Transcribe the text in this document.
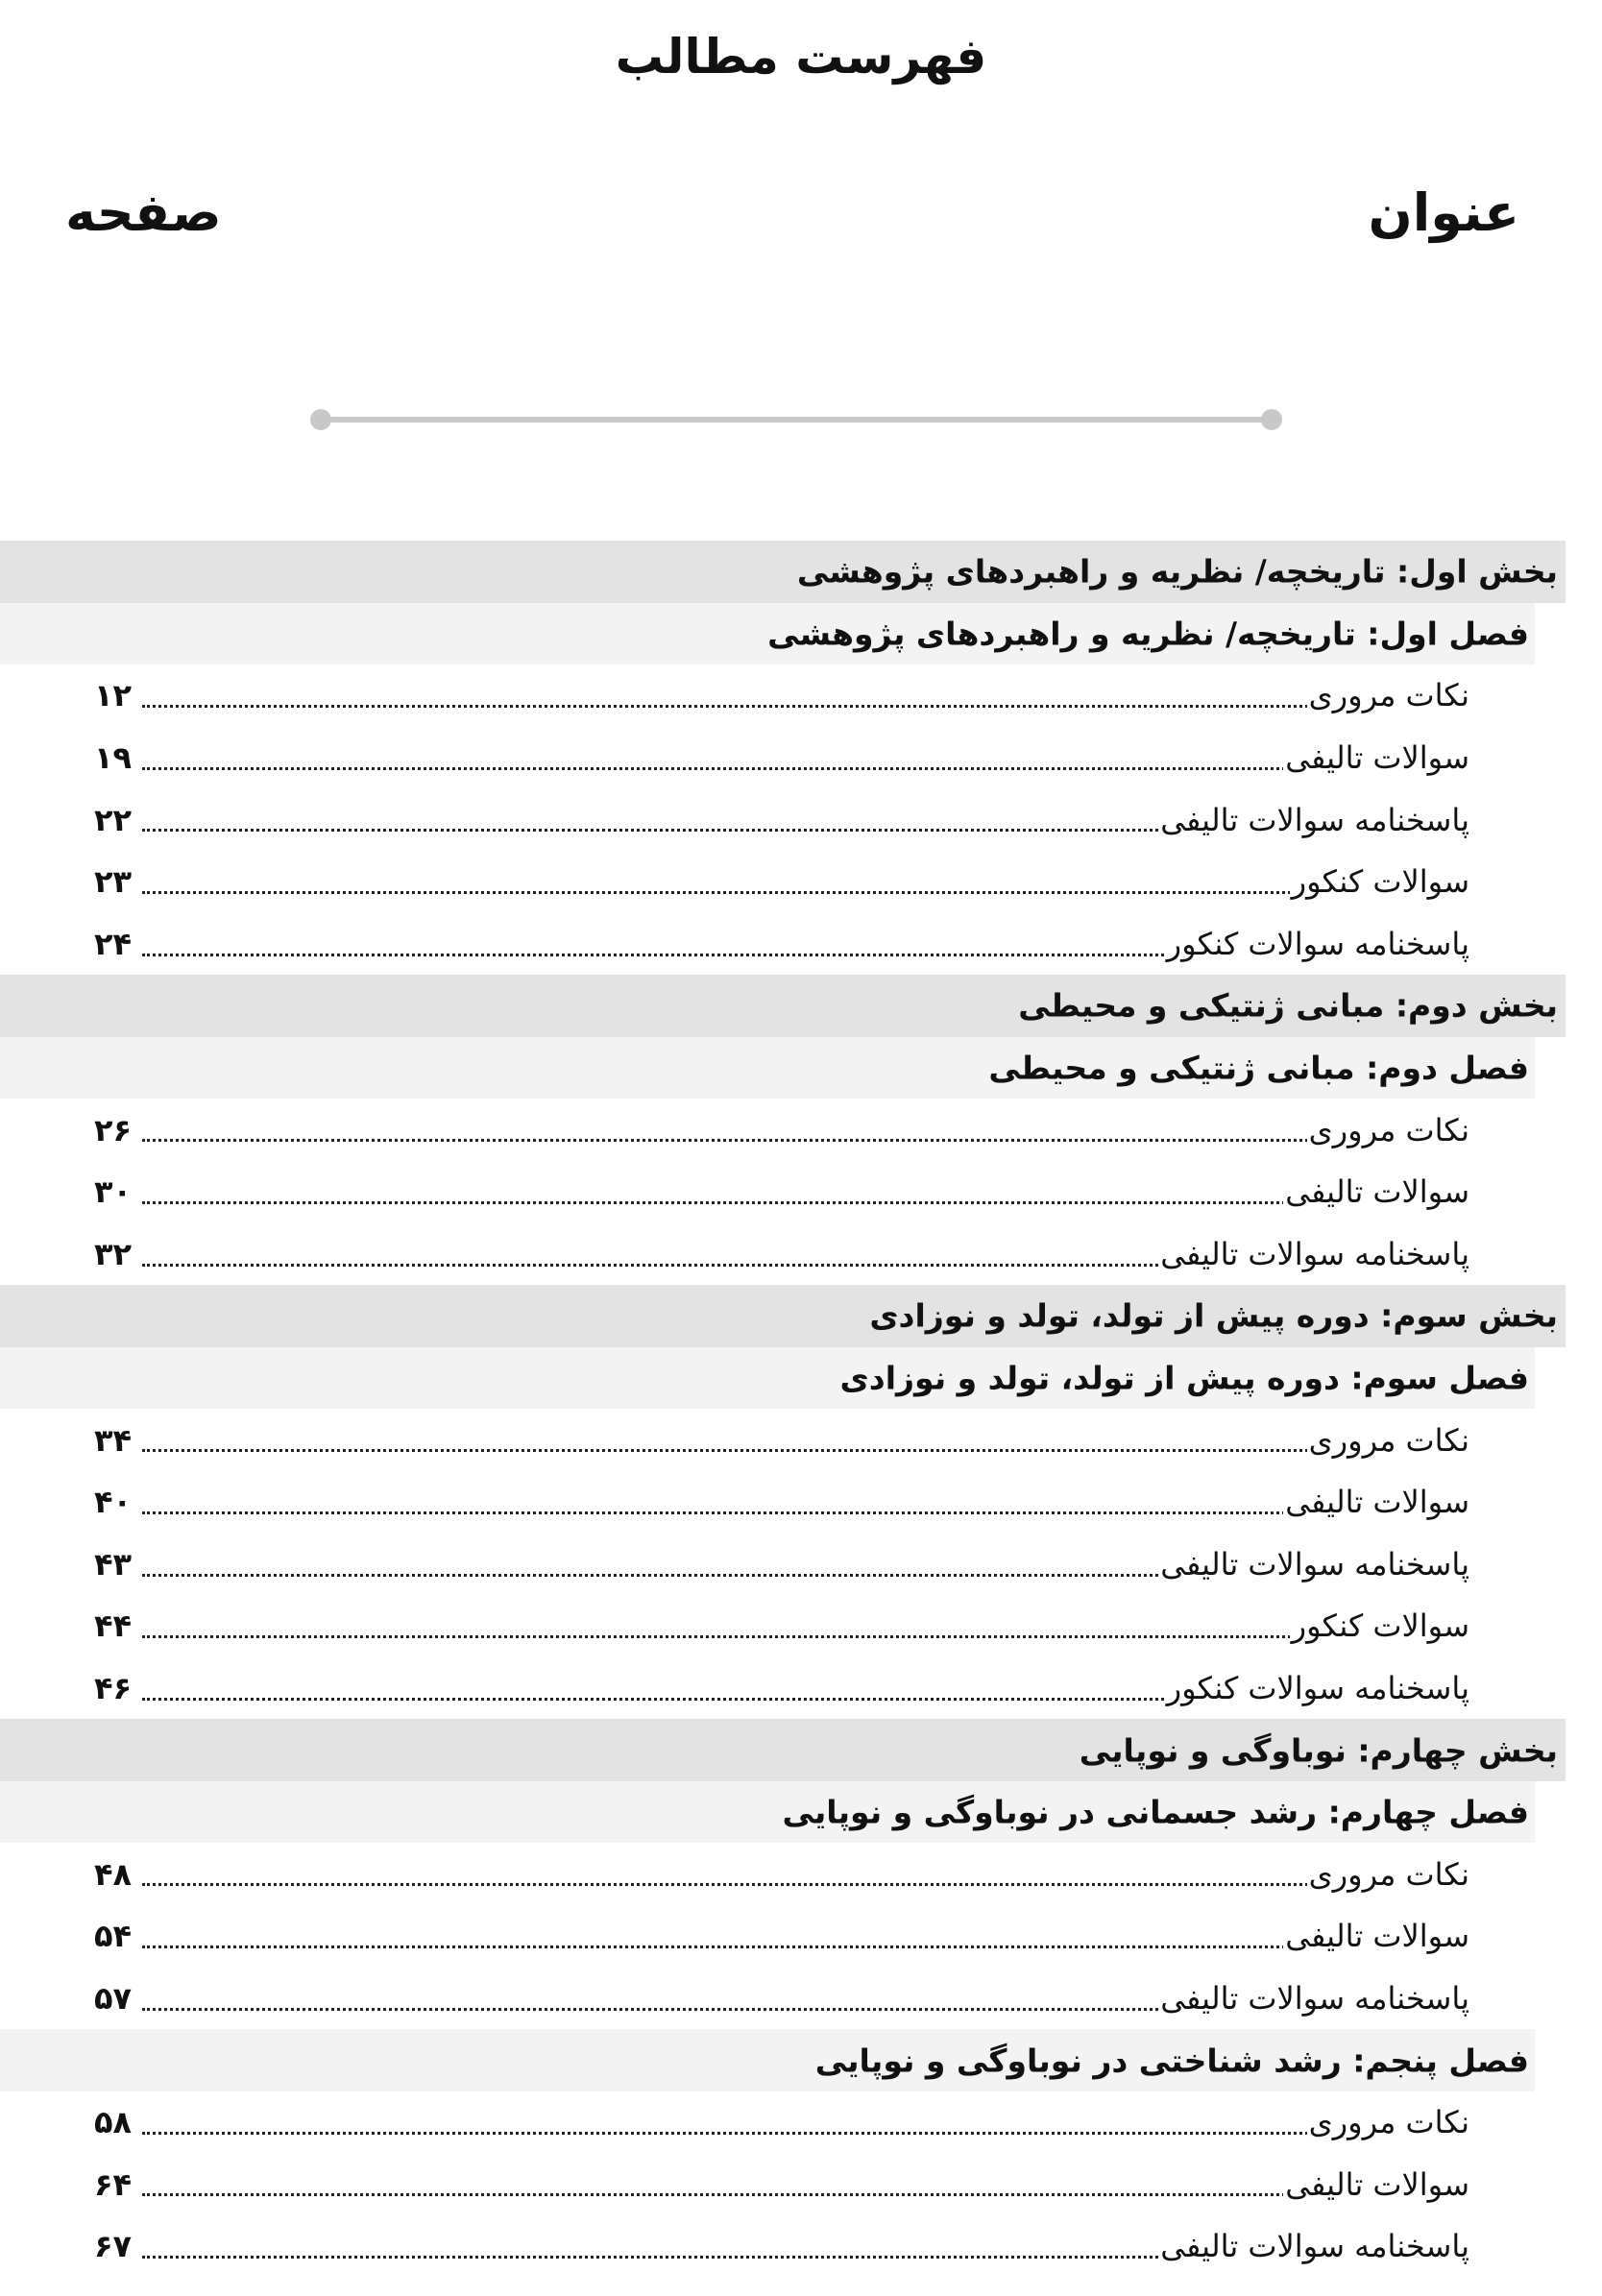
فهرست مطالب
عنوان
صفحه
بخش اول: تاریخچه/ نظریه و راهبردهای پژوهشی
فصل اول: تاریخچه/ نظریه و راهبردهای پژوهشی
نکات مروری
۱۲
سوالات تالیفی
۱۹
پاسخنامه سوالات تالیفی
۲۲
سوالات کنکور
۲۳
پاسخنامه سوالات کنکور
۲۴
بخش دوم: مبانی ژنتیکی و محیطی
فصل دوم: مبانی ژنتیکی و محیطی
نکات مروری
۲۶
سوالات تالیفی
۳۰
پاسخنامه سوالات تالیفی
۳۲
بخش سوم: دوره پیش از تولد، تولد و نوزادی
فصل سوم: دوره پیش از تولد، تولد و نوزادی
نکات مروری
۳۴
سوالات تالیفی
۴۰
پاسخنامه سوالات تالیفی
۴۳
سوالات کنکور
۴۴
پاسخنامه سوالات کنکور
۴۶
بخش چهارم: نوباوگی و نوپایی
فصل چهارم: رشد جسمانی در نوباوگی و نوپایی
نکات مروری
۴۸
سوالات تالیفی
۵۴
پاسخنامه سوالات تالیفی
۵۷
فصل پنجم: رشد شناختی در نوباوگی و نوپایی
نکات مروری
۵۸
سوالات تالیفی
۶۴
پاسخنامه سوالات تالیفی
۶۷
